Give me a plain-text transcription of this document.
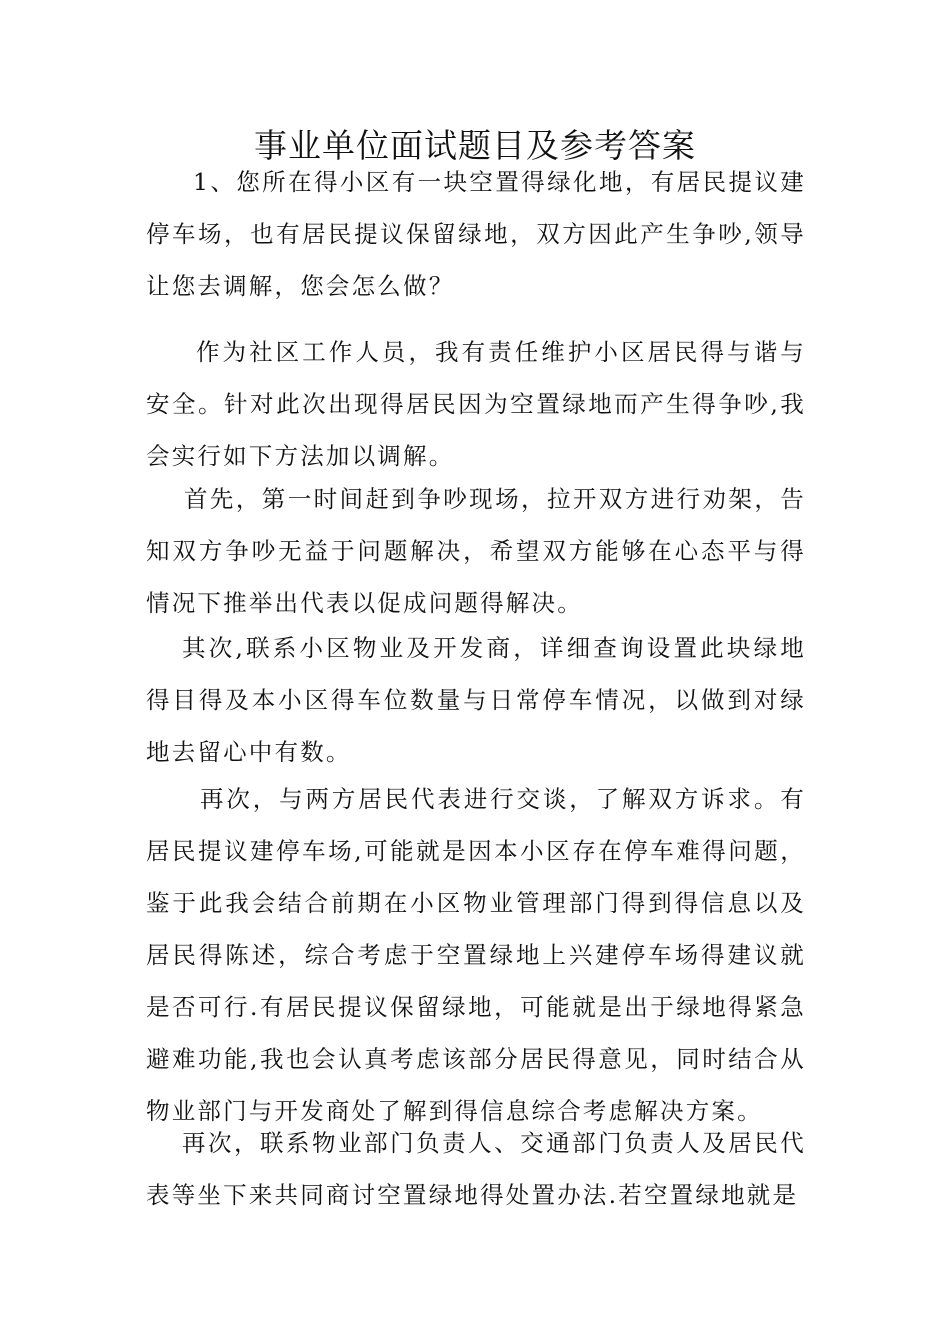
事业单位面试题目及参考答案

1、您所在得小区有一块空置得绿化地，有居民提议建停车场，也有居民提议保留绿地，双方因此产生争吵,领导让您去调解，您会怎么做？

作为社区工作人员，我有责任维护小区居民得与谐与安全。针对此次出现得居民因为空置绿地而产生得争吵,我会实行如下方法加以调解。

首先，第一时间赶到争吵现场，拉开双方进行劝架，告知双方争吵无益于问题解决，希望双方能够在心态平与得情况下推举出代表以促成问题得解决。

其次,联系小区物业及开发商，详细查询设置此块绿地得目得及本小区得车位数量与日常停车情况，以做到对绿地去留心中有数。

再次，与两方居民代表进行交谈，了解双方诉求。有居民提议建停车场,可能就是因本小区存在停车难得问题，鉴于此我会结合前期在小区物业管理部门得到得信息以及居民得陈述，综合考虑于空置绿地上兴建停车场得建议就是否可行.有居民提议保留绿地，可能就是出于绿地得紧急避难功能,我也会认真考虑该部分居民得意见，同时结合从物业部门与开发商处了解到得信息综合考虑解决方案。

再次，联系物业部门负责人、交通部门负责人及居民代表等坐下来共同商讨空置绿地得处置办法.若空置绿地就是
